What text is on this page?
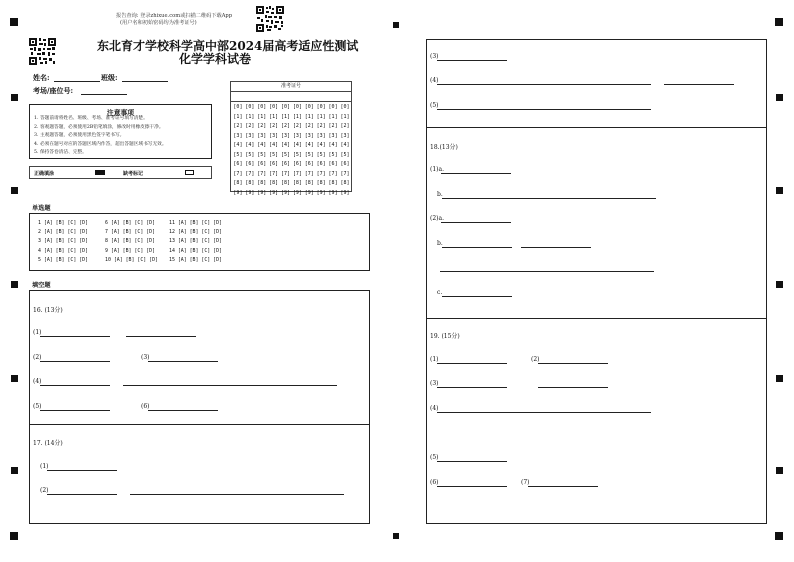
报告查询: 登录zhixue.com或扫描二维码下载App
(用户名和初始密码均为准考证号)
东北育才学校科学高中部2024届高考适应性测试
化学学科试卷
姓名:	班级:
考场/座位号:
注意事项
1. 答题前请将姓名、班级、考场、准考证号填写清楚。
2. 客观题答题，必须使用2B铅笔填涂，修改时用橡皮擦干净。
3. 主观题答题，必须使用黑色签字笔书写。
4. 必须在题号对应的答题区域内作答，超出答题区域书写无效。
5. 保持答卷清洁、完整。
正确填涂	缺考标记
准考证号
[0] [0] [0] [0] [0] [0] [0] [0] [0] [0]
[1] [1] [1] [1] [1] [1] [1] [1] [1] [1]
[2] [2] [2] [2] [2] [2] [2] [2] [2] [2]
[3] [3] [3] [3] [3] [3] [3] [3] [3] [3]
[4] [4] [4] [4] [4] [4] [4] [4] [4] [4]
[5] [5] [5] [5] [5] [5] [5] [5] [5] [5]
[6] [6] [6] [6] [6] [6] [6] [6] [6] [6]
[7] [7] [7] [7] [7] [7] [7] [7] [7] [7]
[8] [8] [8] [8] [8] [8] [8] [8] [8] [8]
[9] [9] [9] [9] [9] [9] [9] [9] [9] [9]
单选题
1 [A] [B] [C] [D]	6 [A] [B] [C] [D]	11 [A] [B] [C] [D]
2 [A] [B] [C] [D]	7 [A] [B] [C] [D]	12 [A] [B] [C] [D]
3 [A] [B] [C] [D]	8 [A] [B] [C] [D]	13 [A] [B] [C] [D]
4 [A] [B] [C] [D]	9 [A] [B] [C] [D]	14 [A] [B] [C] [D]
5 [A] [B] [C] [D]	10 [A] [B] [C] [D] 15 [A] [B] [C] [D]
填空题
16. (13分)
(1)
(2)	(3)
(4)
(5)	(6)
17. (14分)
(1)
(2)
(3)
(4)
(5)
18.(13分)
(1)a.
b.
(2)a.
b.
c.
19. (15分)
(1)	(2)
(3)
(4)
(5)
(6)	(7)
